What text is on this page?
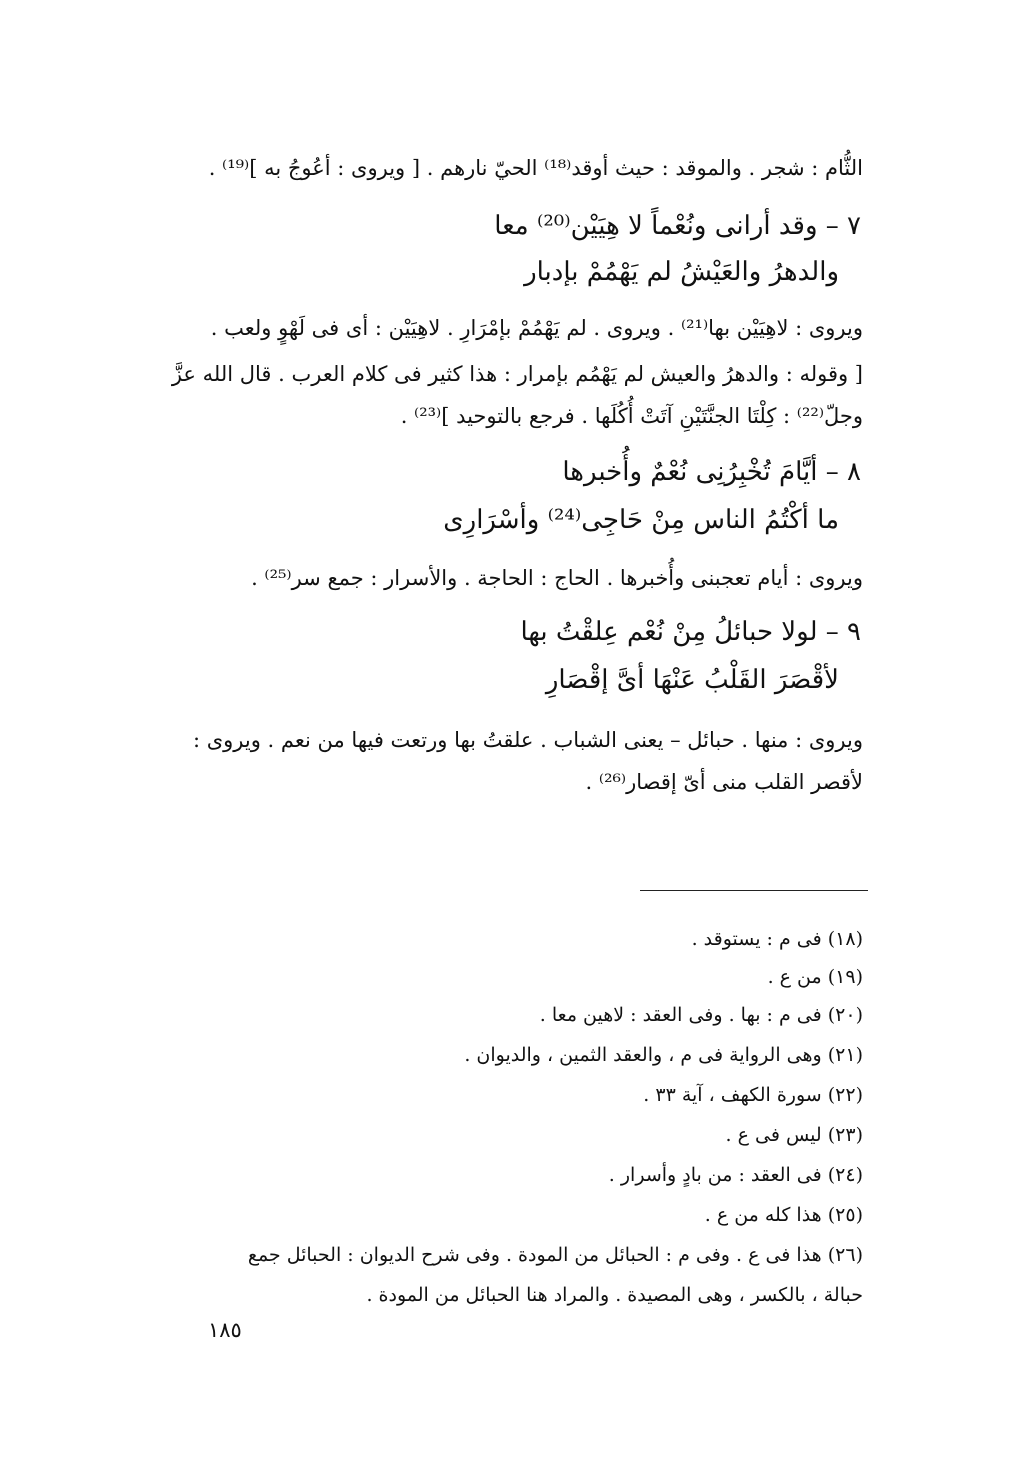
الثُّام : شجر . والموقد : حيث أوقد⁽¹⁸⁾ الحيّ نارهم . [ ويروى : أعُوجُ به ]⁽¹⁹⁾ .
٧ – وقد أرانى ونُعْماً لا هِيَيْن⁽²⁰⁾ معا
والدهرُ والعَيْشُ لم يَهْمُمْ بإدبار
ويروى : لاهِيَيْن بها⁽²¹⁾ . ويروى . لم يَهْمُمْ بإمْرَارِ . لاهِيَيْن : أى فى لَهْوٍ ولعب .
[ وقوله : والدهرُ والعيش لم يَهْمُم بإمرار : هذا كثير فى كلام العرب . قال الله عزَّ
وجلّ⁽²²⁾ : كِلْتَا الجنَّتَيْنِ آتَتْ أُكُلَها . فرجع بالتوحيد ]⁽²³⁾ .
٨ – أيَّامَ تُخْبِرُنِى نُعْمٌ وأُخبرها
ما أكْتُمُ الناس مِنْ حَاجِى⁽²⁴⁾ وأسْرَارِى
ويروى : أيام تعجبنى وأُخبرها . الحاج : الحاجة . والأسرار : جمع سر⁽²⁵⁾ .
٩ – لولا حبائلُ مِنْ نُعْم عِلقْتُ بها
لأقْصَرَ القَلْبُ عَنْهَا أىَّ إقْصَارِ
ويروى : منها . حبائل – يعنى الشباب . علقتُ بها ورتعت فيها من نعم . ويروى :
لأقصر القلب منى أىّ إقصار⁽²⁶⁾ .
(١٨) فى م : يستوقد .
(١٩) من ع .
(٢٠) فى م : بها . وفى العقد : لاهين معا .
(٢١) وهى الرواية فى م ، والعقد الثمين ، والديوان .
(٢٢) سورة الكهف ، آية ٣٣ .
(٢٣) ليس فى ع .
(٢٤) فى العقد : من بادٍ وأسرار .
(٢٥) هذا كله من ع .
(٢٦) هذا فى ع . وفى م : الحبائل من المودة . وفى شرح الديوان : الحبائل جمع
حبالة ، بالكسر ، وهى المصيدة . والمراد هنا الحبائل من المودة .
١٨٥
